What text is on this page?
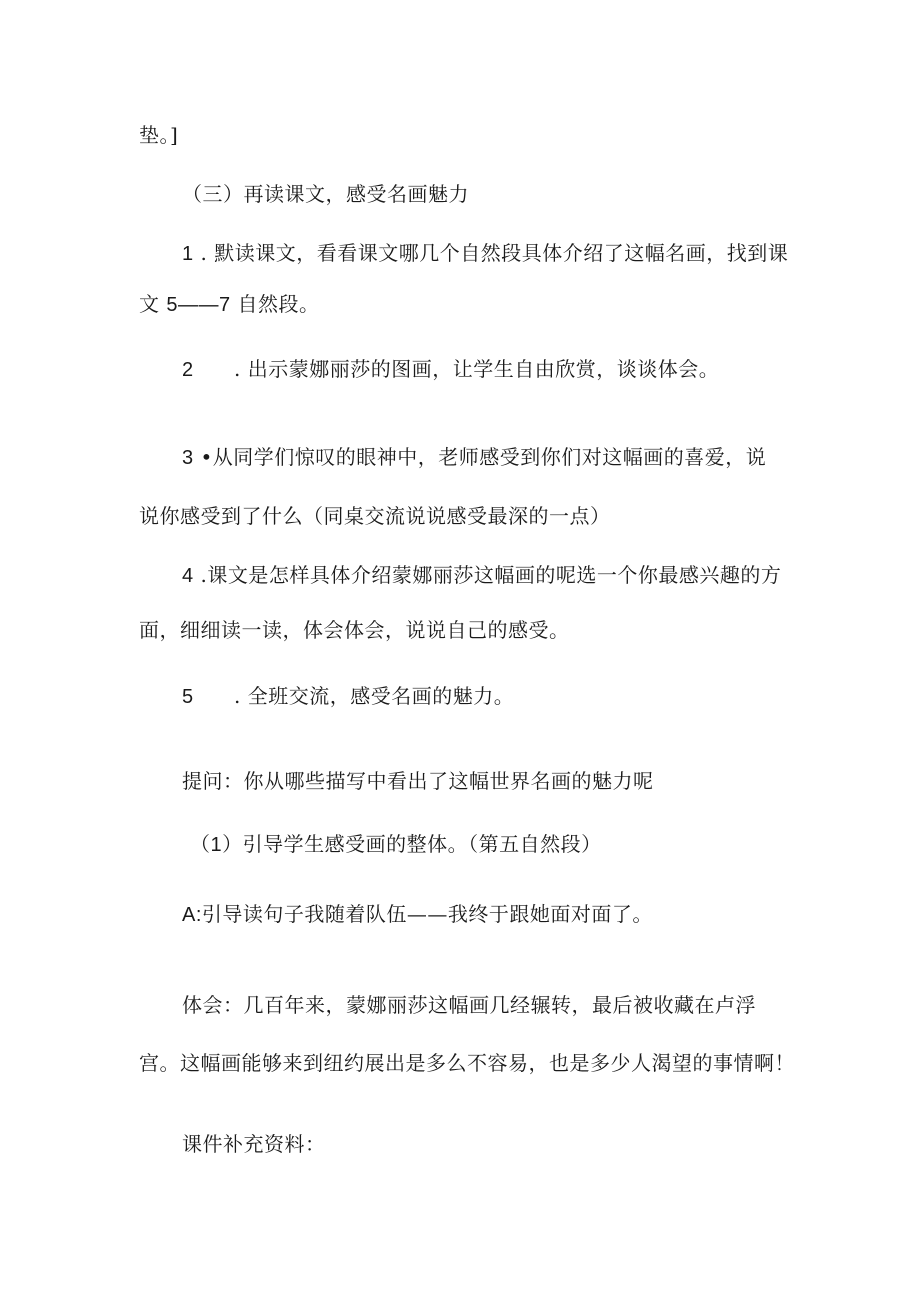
垫。]
（三）再读课文，感受名画魅力
1 . 默读课文，看看课文哪几个自然段具体介绍了这幅名画，找到课
文 5——7 自然段。
2 . 出示蒙娜丽莎的图画，让学生自由欣赏，谈谈体会。
3 •从同学们惊叹的眼神中，老师感受到你们对这幅画的喜爱，说
说你感受到了什么（同桌交流说说感受最深的一点）
4 .课文是怎样具体介绍蒙娜丽莎这幅画的呢选一个你最感兴趣的方
面，细细读一读，体会体会，说说自己的感受。
5 . 全班交流，感受名画的魅力。
提问：你从哪些描写中看出了这幅世界名画的魅力呢
（1）引导学生感受画的整体。（第五自然段）
A:引导读句子我随着队伍——我终于跟她面对面了。
体会：几百年来，蒙娜丽莎这幅画几经辗转，最后被收藏在卢浮
宫。这幅画能够来到纽约展出是多么不容易，也是多少人渴望的事情啊！
课件补充资料：
